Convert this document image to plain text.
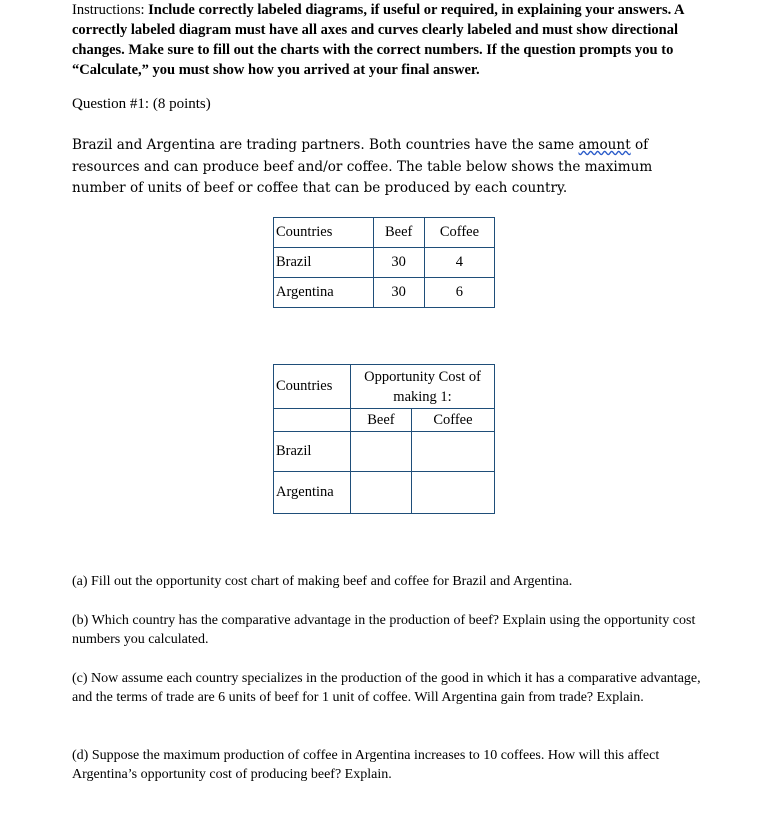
Instructions: Include correctly labeled diagrams, if useful or required, in explaining your answers. A correctly labeled diagram must have all axes and curves clearly labeled and must show directional changes. Make sure to fill out the charts with the correct numbers. If the question prompts you to “Calculate,” you must show how you arrived at your final answer.
Question #1: (8 points)
Brazil and Argentina are trading partners. Both countries have the same amount of resources and can produce beef and/or coffee. The table below shows the maximum number of units of beef or coffee that can be produced by each country.
Countries	Beef	Coffee
Brazil	30	4
Argentina	30	6
Countries	Opportunity Cost of making 1:	
	Beef	Coffee
Brazil		
Argentina		
(a) Fill out the opportunity cost chart of making beef and coffee for Brazil and Argentina.
(b) Which country has the comparative advantage in the production of beef? Explain using the opportunity cost numbers you calculated.
(c) Now assume each country specializes in the production of the good in which it has a comparative advantage, and the terms of trade are 6 units of beef for 1 unit of coffee. Will Argentina gain from trade? Explain.
(d) Suppose the maximum production of coffee in Argentina increases to 10 coffees. How will this affect Argentina’s opportunity cost of producing beef? Explain.
